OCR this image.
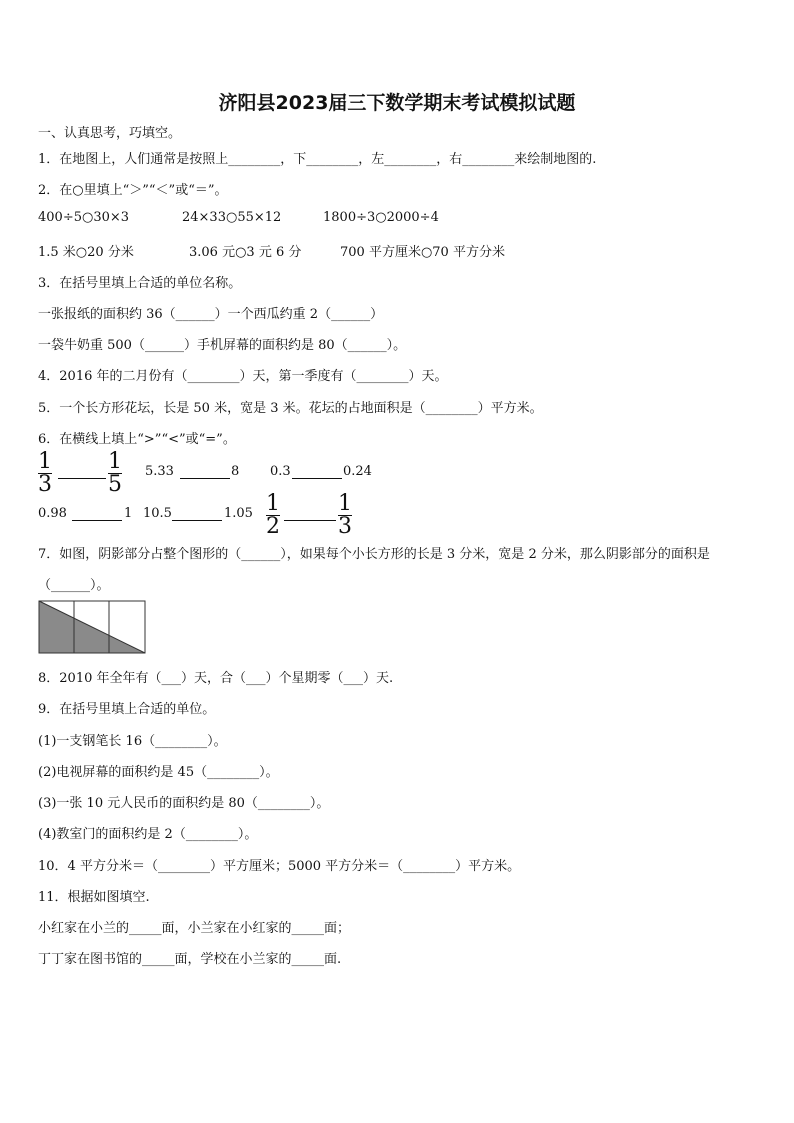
济阳县2023届三下数学期末考试模拟试题
一、认真思考，巧填空。
1．在地图上，人们通常是按照上________，下________，左________，右________来绘制地图的.
2．在○里填上“＞”“＜”或“＝”。
400÷5○30×3	24×33○55×12	1800÷3○2000÷4
1.5 米○20 分米	3.06 元○3 元 6 分	700 平方厘米○70 平方分米
3．在括号里填上合适的单位名称。
一张报纸的面积约 36（______）一个西瓜约重 2（______）
一袋牛奶重 500（______）手机屏幕的面积约是 80（______）。
4．2016 年的二月份有（________）天，第一季度有（________）天。
5．一个长方形花坛，长是 50 米，宽是 3 米。花坛的占地面积是（________）平方米。
6．在横线上填上“>”“<”或“=”。
1
3
1
5
5.33	8 0.3	0.24
0.98	1 10.5	1.05 1
2
1
3
7．如图，阴影部分占整个图形的（______），如果每个小长方形的长是 3 分米，宽是 2 分米，那么阴影部分的面积是
（______）。
8．2010 年全年有（___）天，合（___）个星期零（___）天.
9．在括号里填上合适的单位。
(1)一支钢笔长 16（________）。
(2)电视屏幕的面积约是 45（________）。
(3)一张 10 元人民币的面积约是 80（________）。
(4)教室门的面积约是 2（________）。
10．4 平方分米＝（________）平方厘米；5000 平方分米＝（________）平方米。
11．根据如图填空.
小红家在小兰的_____面，小兰家在小红家的_____面；
丁丁家在图书馆的_____面，学校在小兰家的_____面.
